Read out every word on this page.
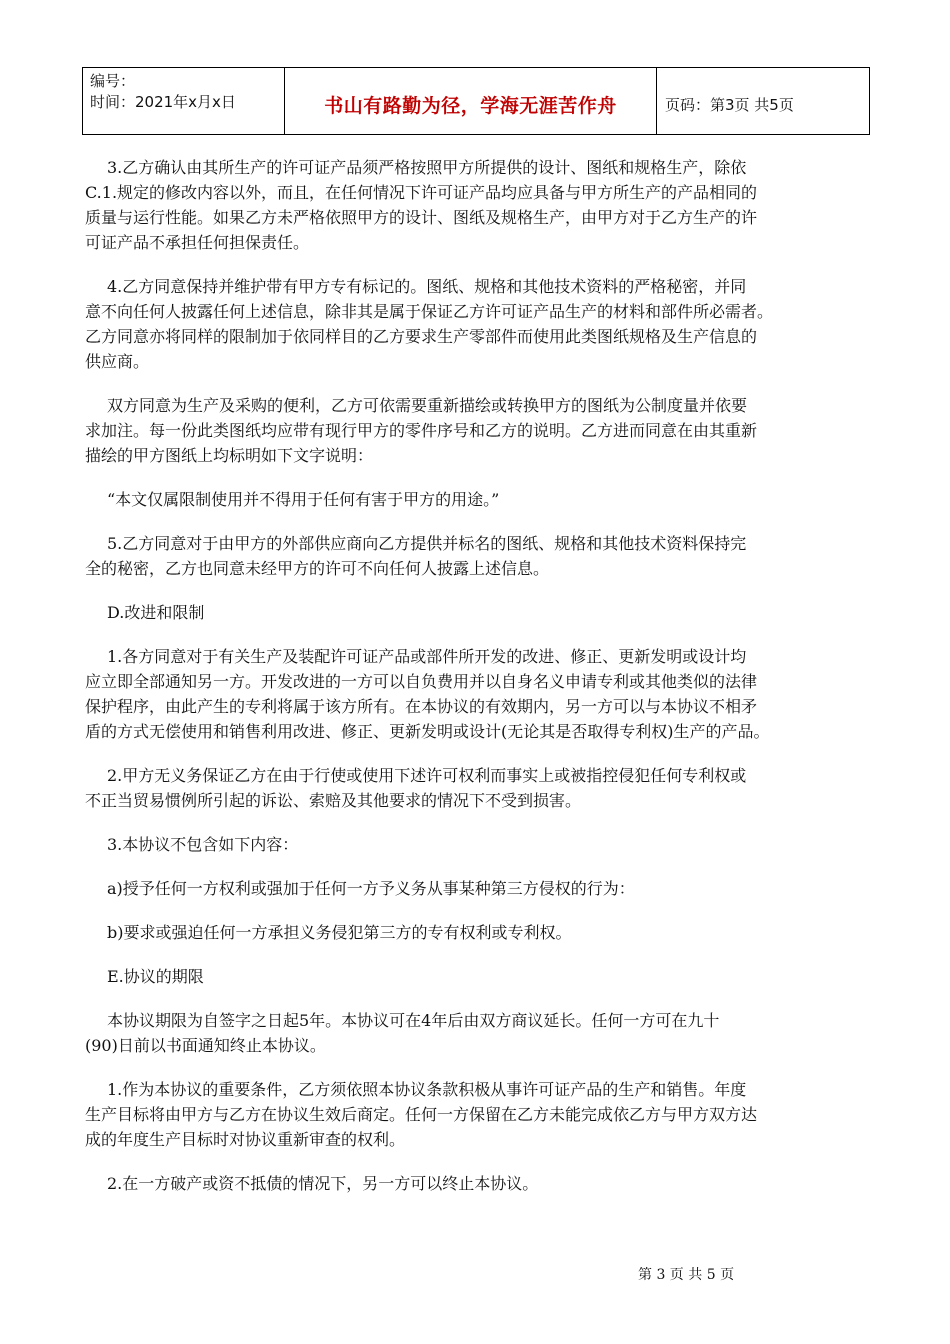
编号：
时间：2021年x月x日	书山有路勤为径，学海无涯苦作舟	页码：第3页 共5页

3.乙方确认由其所生产的许可证产品须严格按照甲方所提供的设计、图纸和规格生产，除依
C.1.规定的修改内容以外，而且，在任何情况下许可证产品均应具备与甲方所生产的产品相同的
质量与运行性能。如果乙方未严格依照甲方的设计、图纸及规格生产，由甲方对于乙方生产的许
可证产品不承担任何担保责任。

4.乙方同意保持并维护带有甲方专有标记的。图纸、规格和其他技术资料的严格秘密，并同
意不向任何人披露任何上述信息，除非其是属于保证乙方许可证产品生产的材料和部件所必需者。
乙方同意亦将同样的限制加于依同样目的乙方要求生产零部件而使用此类图纸规格及生产信息的
供应商。

双方同意为生产及采购的便利，乙方可依需要重新描绘或转换甲方的图纸为公制度量并依要
求加注。每一份此类图纸均应带有现行甲方的零件序号和乙方的说明。乙方进而同意在由其重新
描绘的甲方图纸上均标明如下文字说明：

“本文仅属限制使用并不得用于任何有害于甲方的用途。”

5.乙方同意对于由甲方的外部供应商向乙方提供并标名的图纸、规格和其他技术资料保持完
全的秘密，乙方也同意未经甲方的许可不向任何人披露上述信息。

D.改进和限制

1.各方同意对于有关生产及装配许可证产品或部件所开发的改进、修正、更新发明或设计均
应立即全部通知另一方。开发改进的一方可以自负费用并以自身名义申请专利或其他类似的法律
保护程序，由此产生的专利将属于该方所有。在本协议的有效期内，另一方可以与本协议不相矛
盾的方式无偿使用和销售利用改进、修正、更新发明或设计(无论其是否取得专利权)生产的产品。

2.甲方无义务保证乙方在由于行使或使用下述许可权利而事实上或被指控侵犯任何专利权或
不正当贸易惯例所引起的诉讼、索赔及其他要求的情况下不受到损害。

3.本协议不包含如下内容：

a)授予任何一方权利或强加于任何一方予义务从事某种第三方侵权的行为：

b)要求或强迫任何一方承担义务侵犯第三方的专有权利或专利权。

E.协议的期限

本协议期限为自签字之日起5年。本协议可在4年后由双方商议延长。任何一方可在九十
(90)日前以书面通知终止本协议。

1.作为本协议的重要条件，乙方须依照本协议条款积极从事许可证产品的生产和销售。年度
生产目标将由甲方与乙方在协议生效后商定。任何一方保留在乙方未能完成依乙方与甲方双方达
成的年度生产目标时对协议重新审查的权利。

2.在一方破产或资不抵债的情况下，另一方可以终止本协议。

第 3 页 共 5 页
